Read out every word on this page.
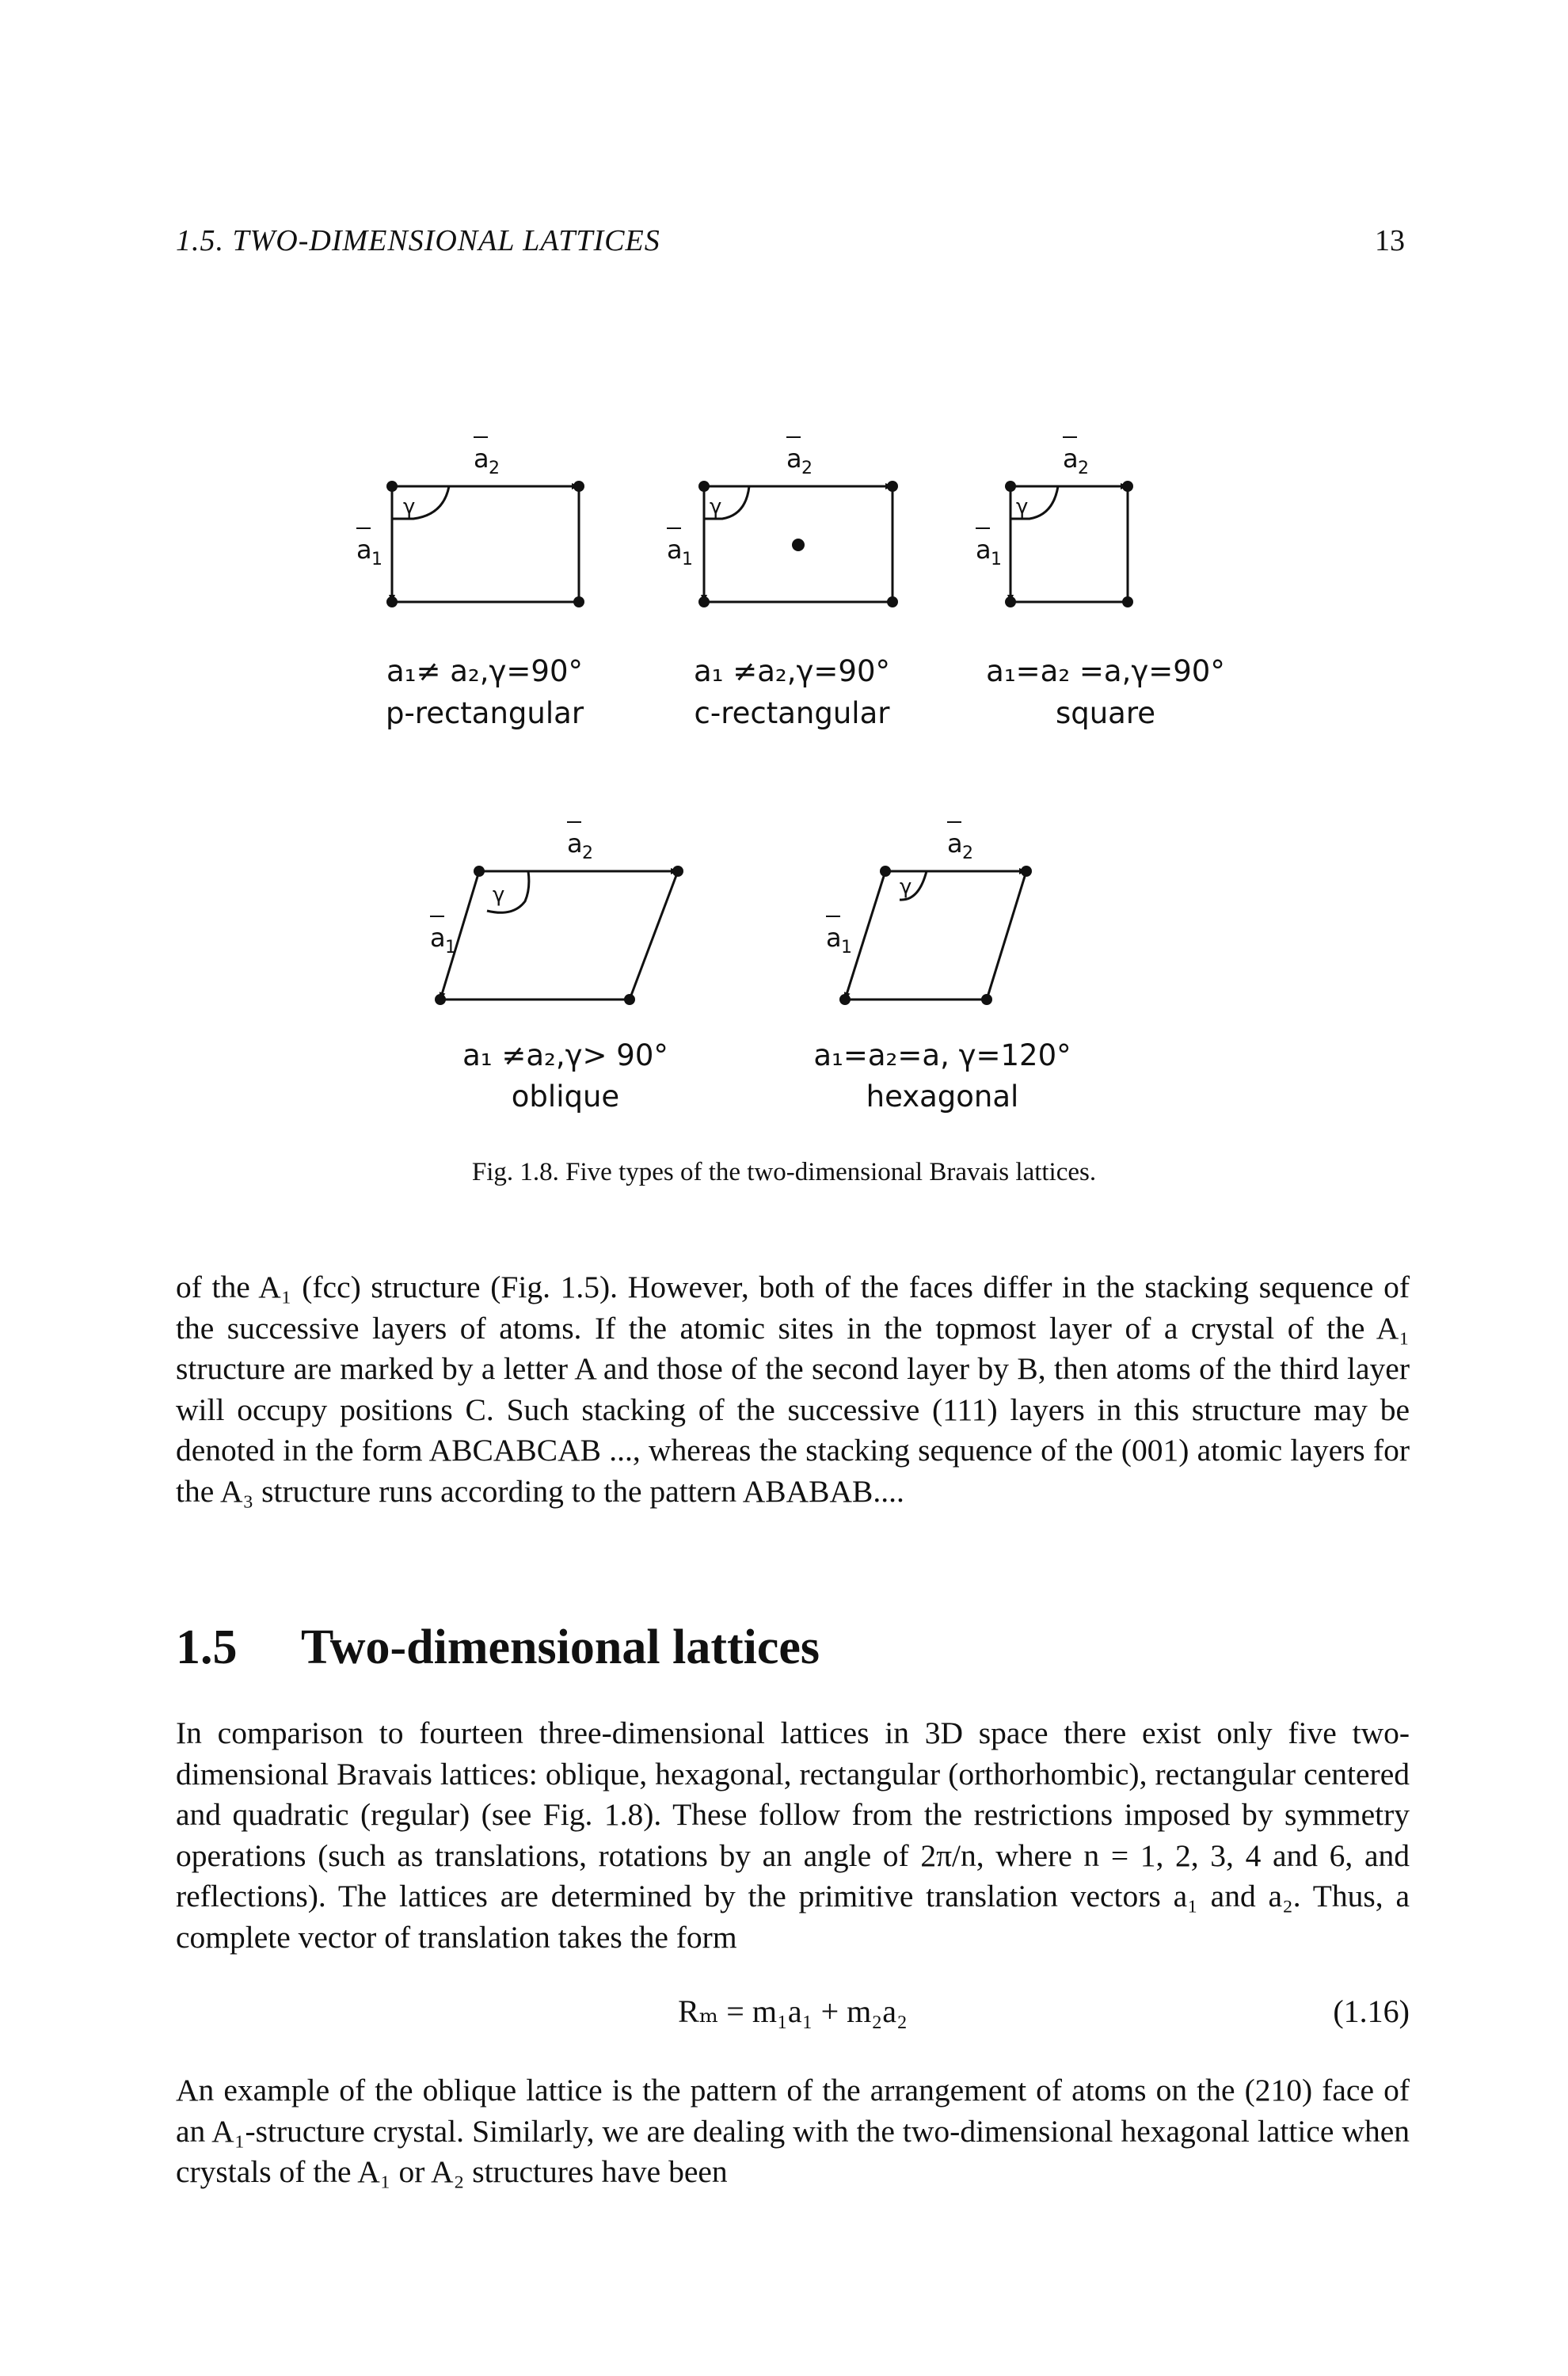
1.5. TWO-DIMENSIONAL LATTICES	13
a 2	a 2	a 2
a 2	a 2
a 1	a 1	a 1
a 1	a 1
γ	γ	γ
γ	γ
a₁≠ a₂,γ=90°
p-rectangular
a₁ ≠a₂,γ=90°
c-rectangular
a₁=a₂ =a,γ=90°
square
a₁ ≠a₂,γ> 90°
oblique
a₁=a₂=a, γ=120°
hexagonal
Fig. 1.8. Five types of the two-dimensional Bravais lattices.
of the A₁ (fcc) structure (Fig. 1.5). However, both of the faces differ in the stacking sequence of the successive layers of atoms. If the atomic sites in the topmost layer of a crystal of the A₁ structure are marked by a letter A and those of the second layer by B, then atoms of the third layer will occupy positions C. Such stacking of the successive (111) layers in this structure may be denoted in the form ABCABCAB ..., whereas the stacking sequence of the (001) atomic layers for the A₃ structure runs according to the pattern ABABAB....
1.5 Two-dimensional lattices
In comparison to fourteen three-dimensional lattices in 3D space there exist only five two-dimensional Bravais lattices: oblique, hexagonal, rectangular (orthorhombic), rectangular centered and quadratic (regular) (see Fig. 1.8). These follow from the restrictions imposed by symmetry operations (such as translations, rotations by an angle of 2π/n, where n = 1, 2, 3, 4 and 6, and reflections). The lattices are determined by the primitive translation vectors a₁ and a₂. Thus, a complete vector of translation takes the form
Rₘ = m₁a₁ + m₂a₂	(1.16)
An example of the oblique lattice is the pattern of the arrangement of atoms on the (210) face of an A₁-structure crystal. Similarly, we are dealing with the two-dimensional hexagonal lattice when crystals of the A₁ or A₂ structures have been
